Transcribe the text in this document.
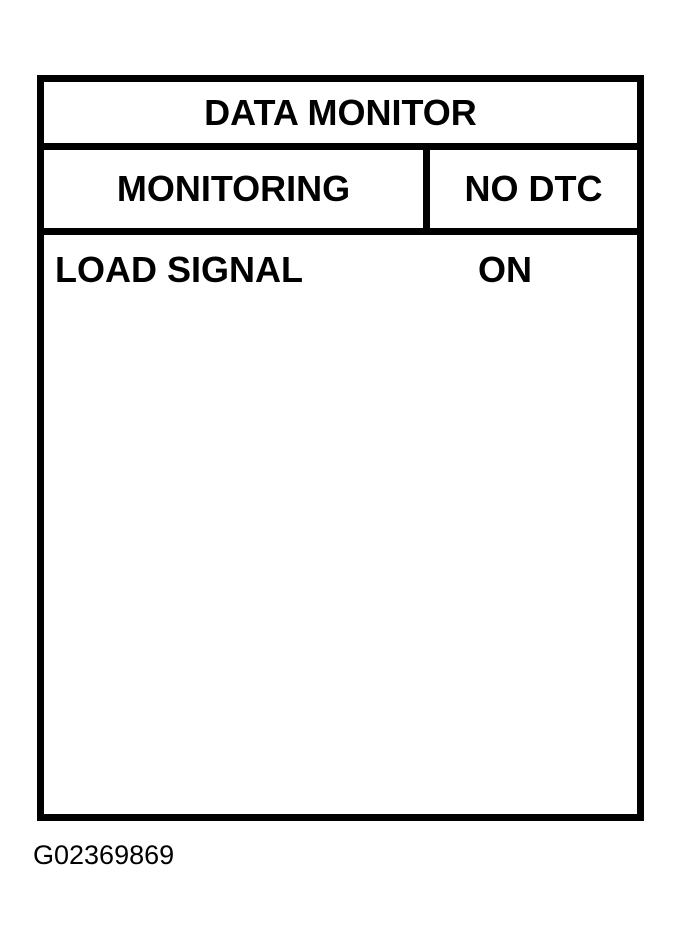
DATA MONITOR
MONITORING	NO DTC
LOAD SIGNAL	ON
G02369869
